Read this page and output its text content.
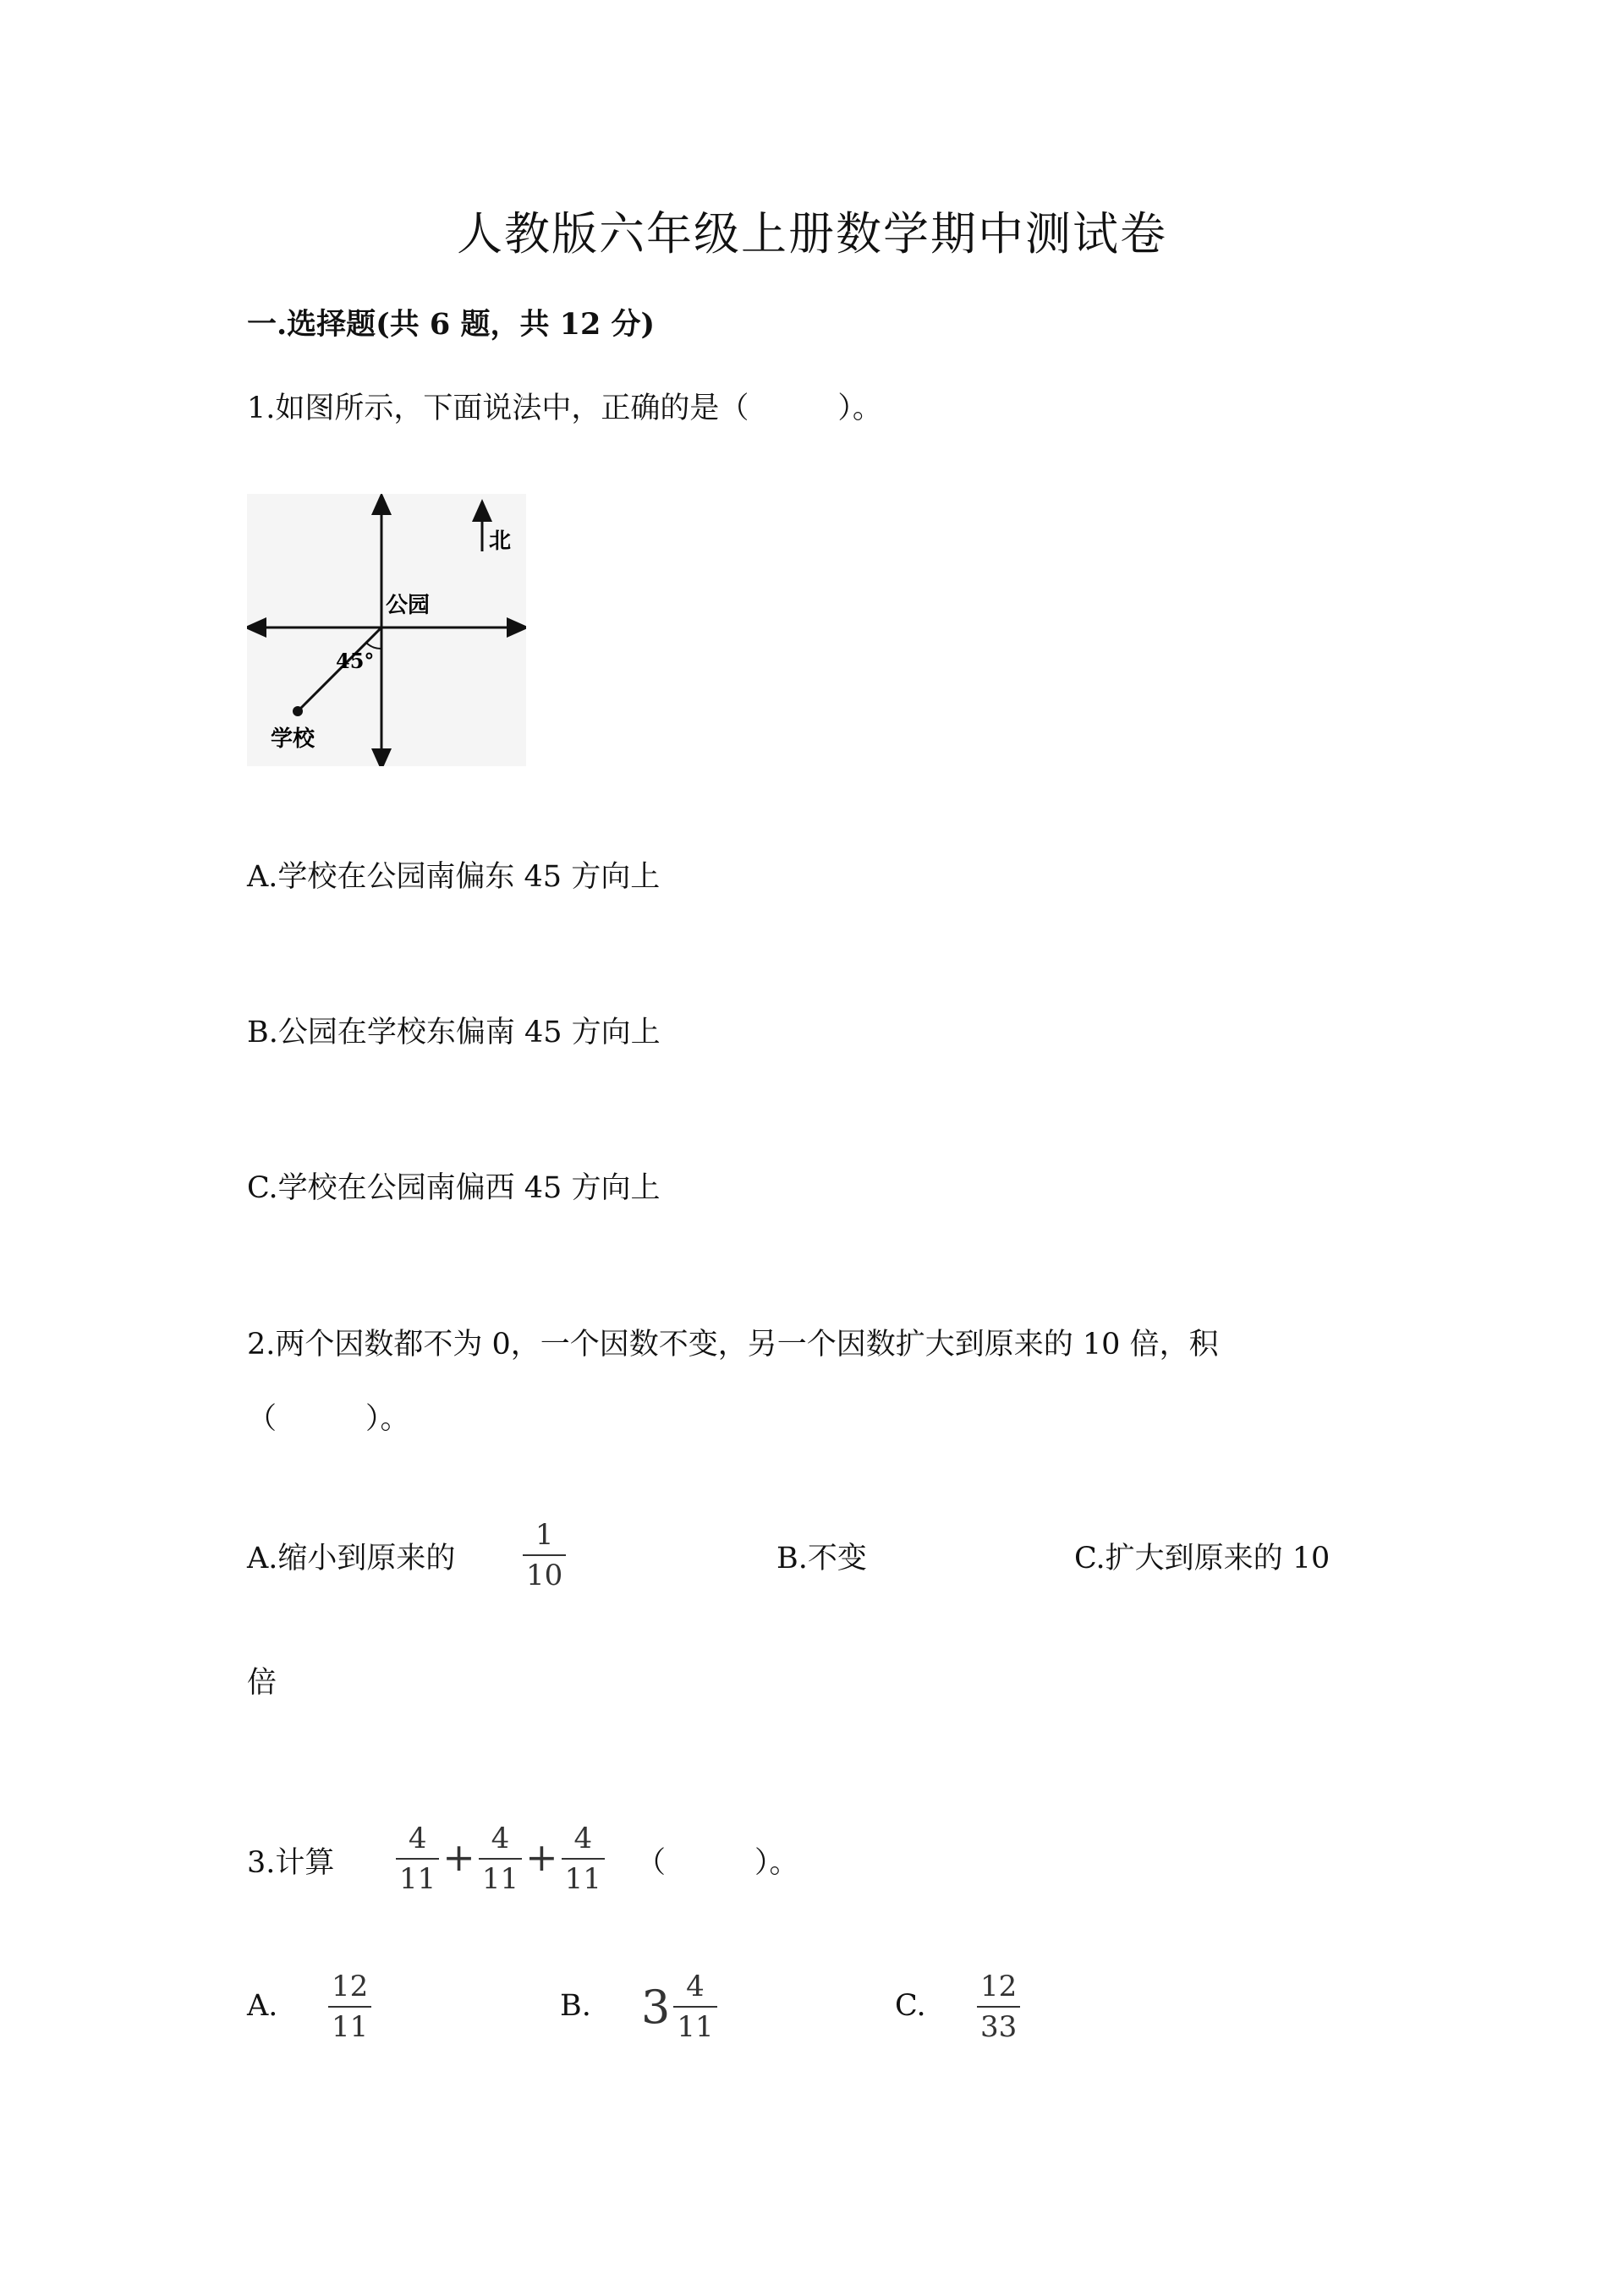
人教版六年级上册数学期中测试卷
一.选择题(共 6 题，共 12 分)
1.如图所示，下面说法中，正确的是（　　　）。
北
公园
45°
学校
A.学校在公园南偏东 45 方向上
B.公园在学校东偏南 45 方向上
C.学校在公园南偏西 45 方向上
2.两个因数都不为 0，一个因数不变，另一个因数扩大到原来的 10 倍，积
（　　　）。
A.缩小到原来的 $\frac{1}{10}$	B.不变	C.扩大到原来的 10
倍
3.计算 $\frac{4}{11} + \frac{4}{11} + \frac{4}{11}$ （　　　）。
A. $\frac{12}{11}$	B. $3 \frac{4}{11}$	C. $\frac{12}{33}$
